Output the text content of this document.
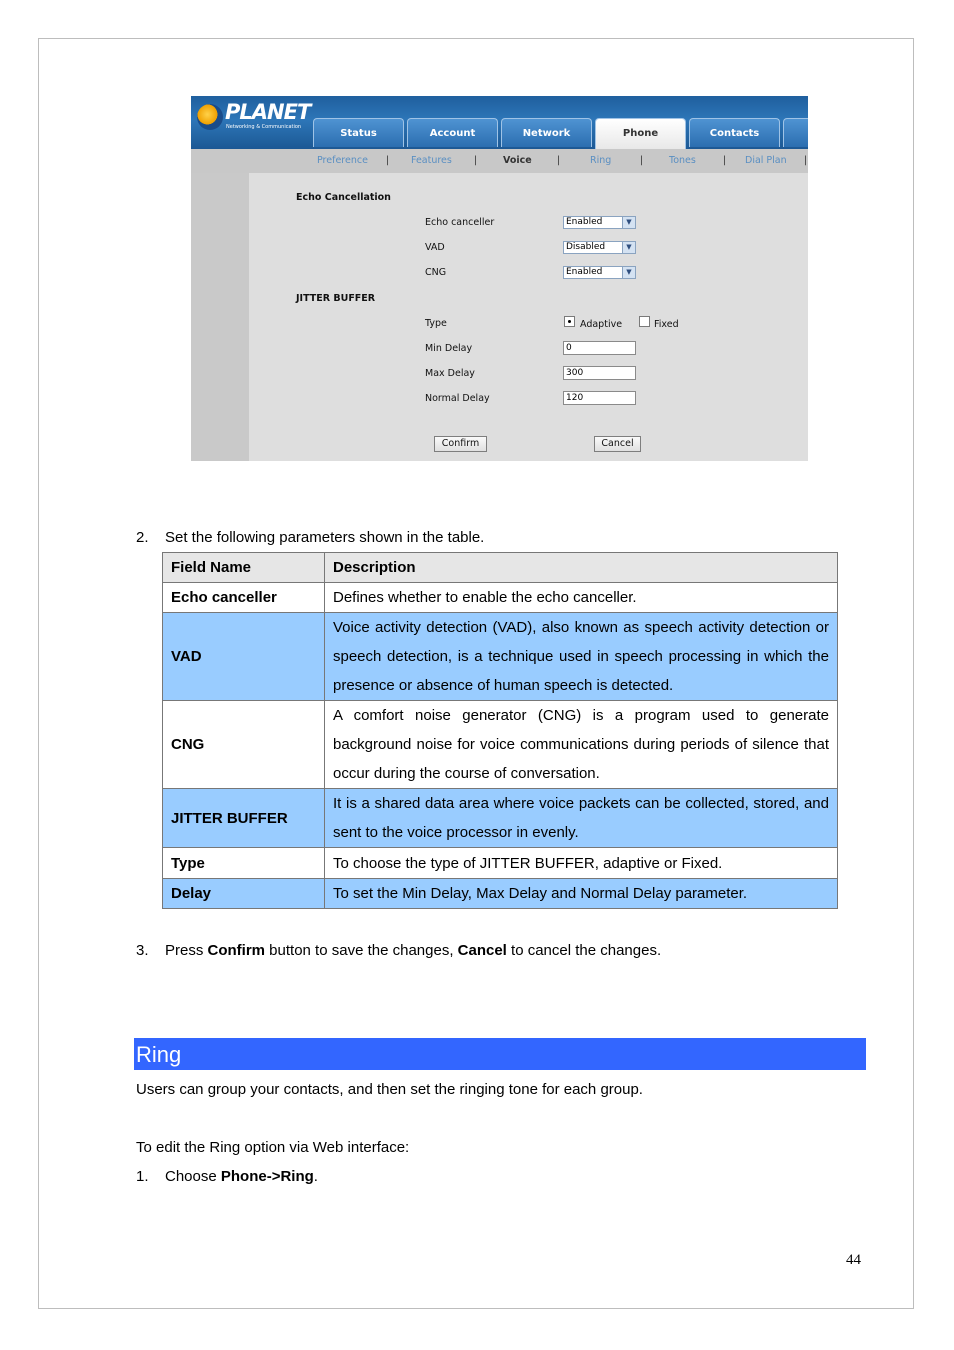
PLANET
Networking & Communication
Status	Account	Network	Phone	Contacts
Preference | Features |	Voice	|	Ring	|	Tones	| Dial Plan |
Echo Cancellation
Echo canceller	Enabled	▼
VAD	Disabled	▼
CNG	Enabled	▼
JITTER BUFFER
Type	Adaptive	Fixed
Min Delay	0
Max Delay	300
Normal Delay	120
Confirm	Cancel
2. Set the following parameters shown in the table.
Field Name	Description
Echo canceller	Defines whether to enable the echo canceller.
VAD	Voice activity detection (VAD), also known as speech activity detection or speech detection, is a technique used in speech processing in which the presence or absence of human speech is detected.
CNG	A comfort noise generator (CNG) is a program used to generate background noise for voice communications during periods of silence that occur during the course of conversation.
JITTER BUFFER	It is a shared data area where voice packets can be collected, stored, and sent to the voice processor in evenly.
Type	To choose the type of JITTER BUFFER, adaptive or Fixed.
Delay	To set the Min Delay, Max Delay and Normal Delay parameter.
3. Press Confirm button to save the changes, Cancel to cancel the changes.
Ring
Users can group your contacts, and then set the ringing tone for each group.
To edit the Ring option via Web interface:
1. Choose Phone->Ring.
44
